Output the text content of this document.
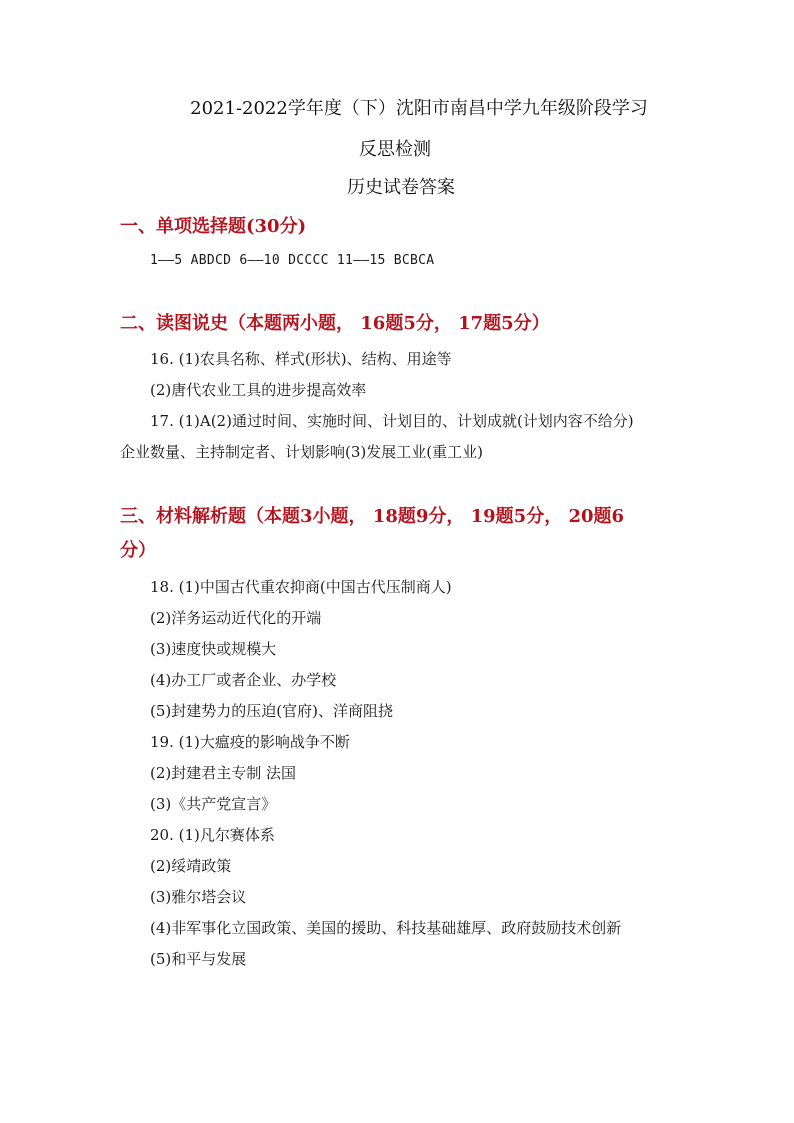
2021-2022学年度（下）沈阳市南昌中学九年级阶段学习
反思检测
历史试卷答案
一、单项选择题(30分)
1——5 ABDCD 6——10 DCCCC 11——15 BCBCA
二、读图说史（本题两小题， 16题5分， 17题5分）
16. (1)农具名称、样式(形状)、结构、用途等
(2)唐代农业工具的进步提高效率
17. (1)A(2)通过时间、实施时间、计划目的、计划成就(计划内容不给分)
企业数量、主持制定者、计划影响(3)发展工业(重工业)
三、材料解析题（本题3小题， 18题9分， 19题5分， 20题6
分）
18. (1)中国古代重农抑商(中国古代压制商人)
(2)洋务运动近代化的开端
(3)速度快或规模大
(4)办工厂或者企业、办学校
(5)封建势力的压迫(官府)、洋商阻挠
19. (1)大瘟疫的影响战争不断
(2)封建君主专制 法国
(3)《共产党宣言》
20. (1)凡尔赛体系
(2)绥靖政策
(3)雅尔塔会议
(4)非军事化立国政策、美国的援助、科技基础雄厚、政府鼓励技术创新
(5)和平与发展
